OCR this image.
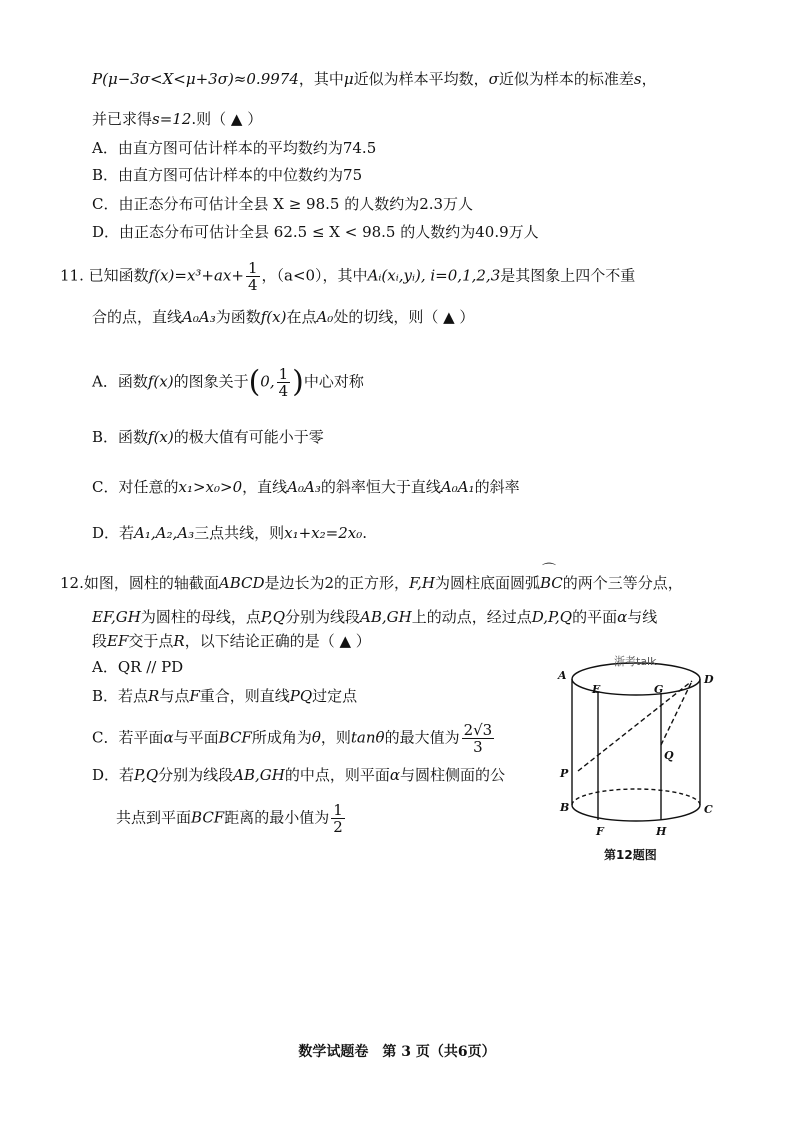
P(μ−3σ<X<μ+3σ)≈0.9974，其中μ近似为样本平均数，σ近似为样本的标准差s，
并已求得s=12.则（ ▲ ）
A．由直方图可估计样本的平均数约为74.5
B．由直方图可估计样本的中位数约为75
C．由正态分布可估计全县 X ≥ 98.5 的人数约为2.3万人
D．由正态分布可估计全县 62.5 ≤ X < 98.5 的人数约为40.9万人
11. 已知函数$f(x)=x^3+ax+ \frac{1}{4}$ ，（a<0），其中Aᵢ(xᵢ,yᵢ), i=0,1,2,3是其图象上四个不重
合的点，直线A₀A₃为函数f(x)在点A₀处的切线，则（ ▲ ）
A．函数f(x)的图象关于(0, $\frac{1}{4}$ )中心对称
B．函数f(x)的极大值有可能小于零
C．对任意的x₁>x₀>0，直线A₀A₃的斜率恒大于直线A₀A₁的斜率
D．若A₁,A₂,A₃三点共线，则x₁+x₂=2x₀.
12.如图，圆柱的轴截面ABCD是边长为2的正方形，F,H为圆柱底面圆弧⌒ BC的两个三等分点，
EF,GH为圆柱的母线，点P,Q分别为线段AB,GH上的动点，经过点D,P,Q的平面α与线
段EF交于点R，以下结论正确的是（ ▲ ）
A．QR // PD
B．若点R与点F重合，则直线PQ过定点
C．若平面α与平面BCF所成角为θ，则tanθ的最大值为 $\frac{2√3}{3}$
D．若P,Q分别为线段AB,GH的中点，则平面α与圆柱侧面的公
共点到平面BCF距离的最小值为 $\frac{1}{2}$
浙考talk
A
E	G
D
P
Q
B	C
F	H
第12题图
数学试题卷　第 3 页（共6页）
